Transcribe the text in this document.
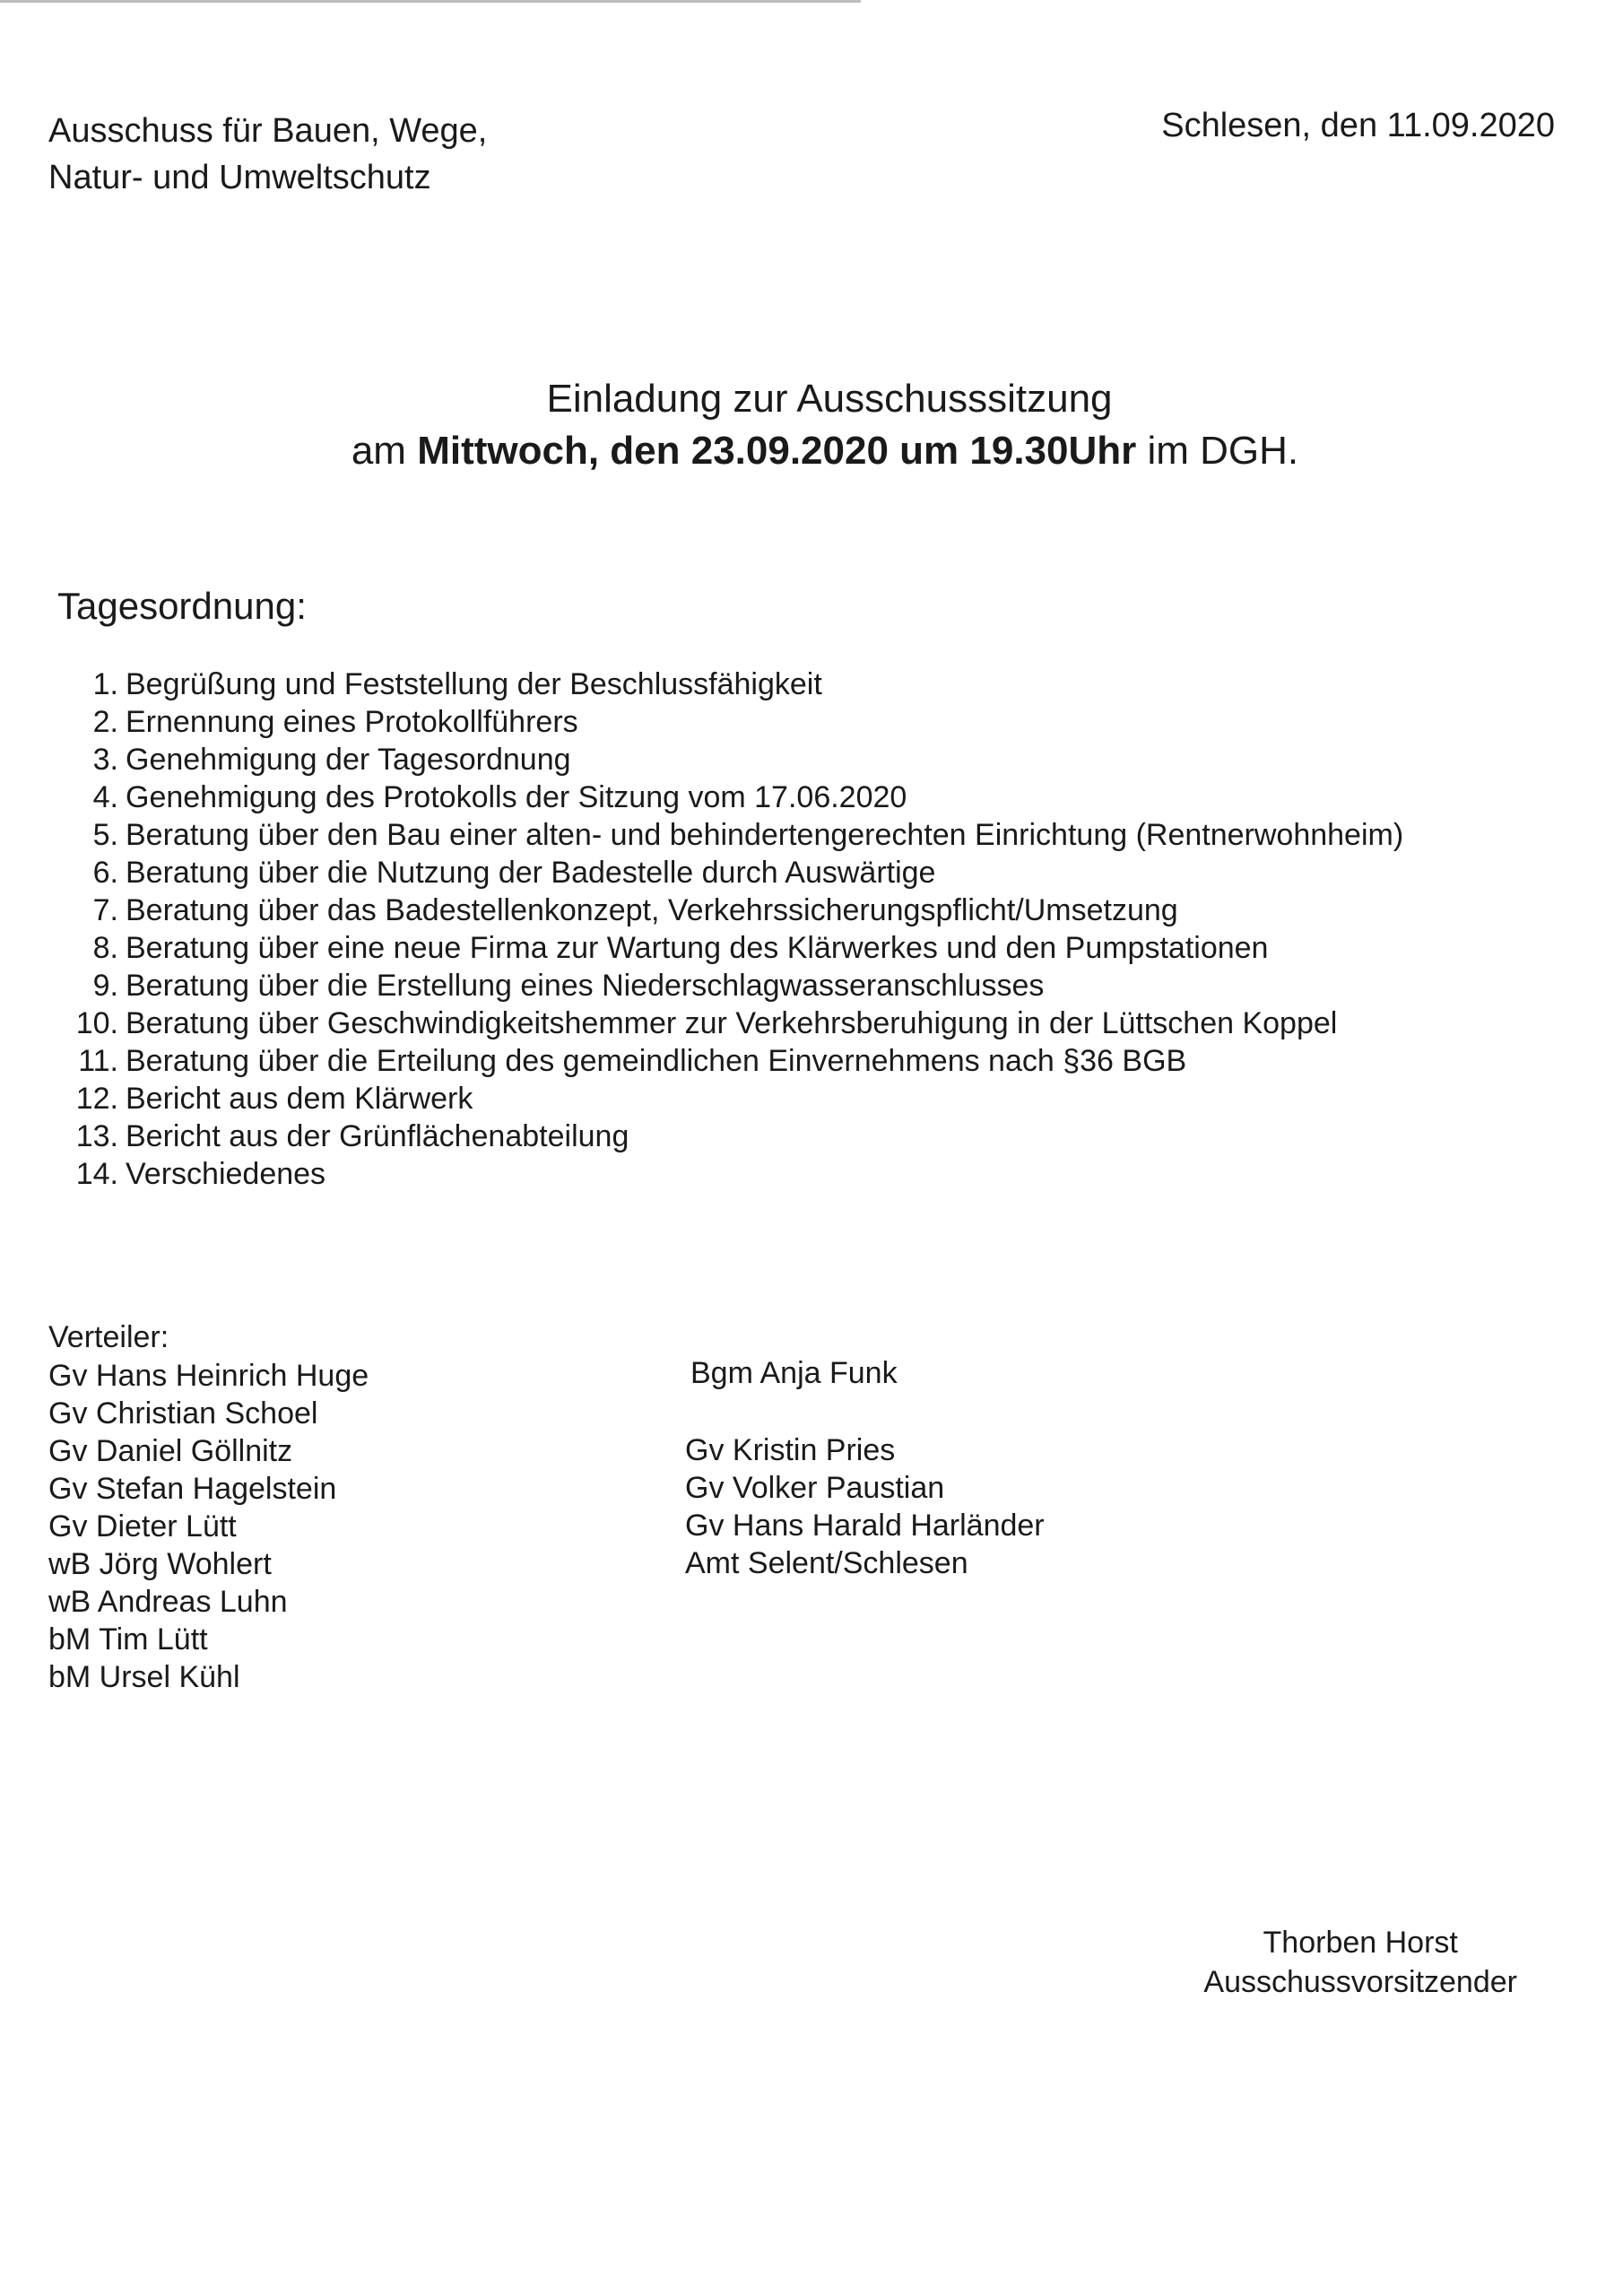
Ausschuss für Bauen, Wege,
Natur- und Umweltschutz
Schlesen, den 11.09.2020
Einladung zur Ausschusssitzung
am Mittwoch, den 23.09.2020 um 19.30Uhr im DGH.
Tagesordnung:
1. Begrüßung und Feststellung der Beschlussfähigkeit
2. Ernennung eines Protokollführers
3. Genehmigung der Tagesordnung
4. Genehmigung des Protokolls der Sitzung vom 17.06.2020
5. Beratung über den Bau einer alten- und behindertengerechten Einrichtung (Rentnerwohnheim)
6. Beratung über die Nutzung der Badestelle durch Auswärtige
7. Beratung über das Badestellenkonzept, Verkehrssicherungspflicht/Umsetzung
8. Beratung über eine neue Firma zur Wartung des Klärwerkes und den Pumpstationen
9. Beratung über die Erstellung eines Niederschlagwasseranschlusses
10. Beratung über Geschwindigkeitshemmer zur Verkehrsberuhigung in der Lüttschen Koppel
11. Beratung über die Erteilung des gemeindlichen Einvernehmens nach §36 BGB
12. Bericht aus dem Klärwerk
13. Bericht aus der Grünflächenabteilung
14. Verschiedenes
Verteiler:
Gv Hans Heinrich Huge
Gv Christian Schoel
Gv Daniel Göllnitz
Gv Stefan Hagelstein
Gv Dieter Lütt
wB Jörg Wohlert
wB Andreas Luhn
bM Tim Lütt
bM Ursel Kühl
Bgm Anja Funk
Gv Kristin Pries
Gv Volker Paustian
Gv Hans Harald Harländer
Amt Selent/Schlesen
Thorben Horst
Ausschussvorsitzender
